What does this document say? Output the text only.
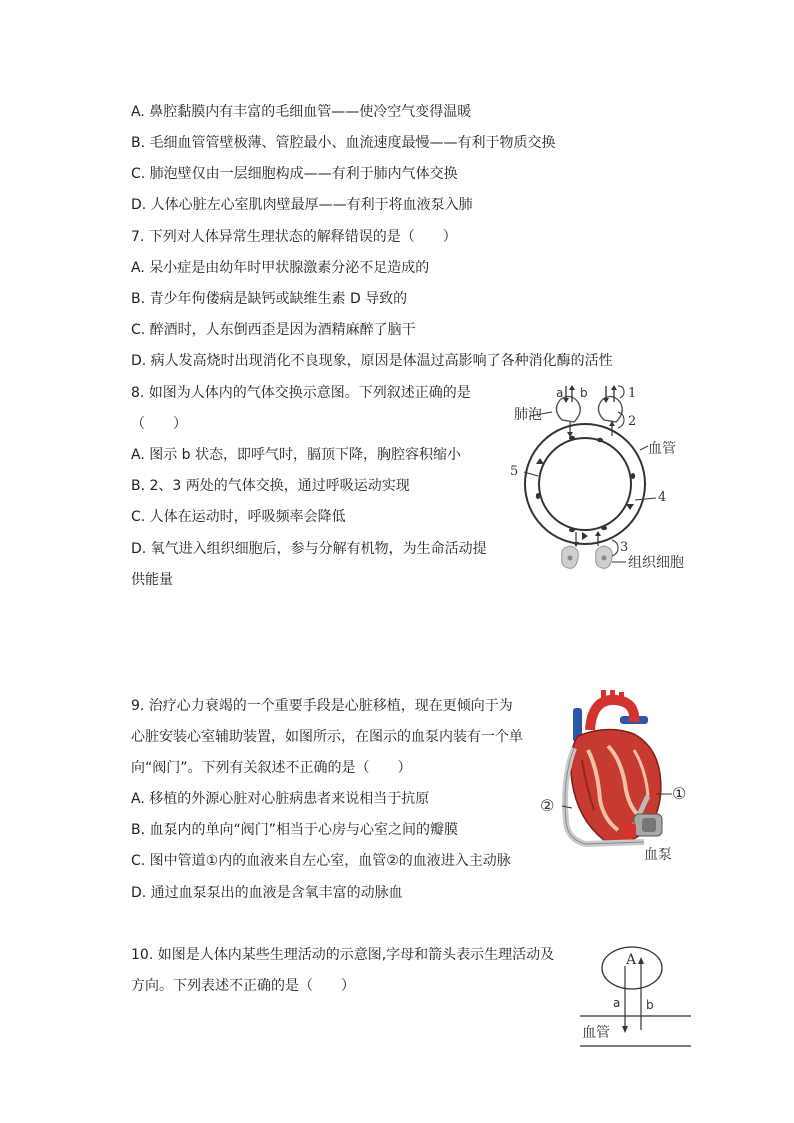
A. 鼻腔黏膜内有丰富的毛细血管——使冷空气变得温暖
B. 毛细血管管壁极薄、管腔最小、血流速度最慢——有利于物质交换
C. 肺泡壁仅由一层细胞构成——有利于肺内气体交换
D. 人体心脏左心室肌肉壁最厚——有利于将血液泵入肺
7. 下列对人体异常生理状态的解释错误的是（　　）
A. 呆小症是由幼年时甲状腺激素分泌不足造成的
B. 青少年佝偻病是缺钙或缺维生素 D 导致的
C. 醉酒时，人东倒西歪是因为酒精麻醉了脑干
D. 病人发高烧时出现消化不良现象，原因是体温过高影响了各种消化酶的活性
8. 如图为人体内的气体交换示意图。下列叙述正确的是
（　　）
A. 图示 b 状态，即呼气时，膈顶下降，胸腔容积缩小
B. 2、3 两处的气体交换，通过呼吸运动实现
C. 人体在运动时，呼吸频率会降低
D. 氧气进入组织细胞后，参与分解有机物，为生命活动提
供能量
a b
肺泡
血管
组织细胞
1
2
3
4
5
9. 治疗心力衰竭的一个重要手段是心脏移植，现在更倾向于为
心脏安装心室辅助装置，如图所示，在图示的血泵内装有一个单
向“阀门”。下列有关叙述不正确的是（　　）
A. 移植的外源心脏对心脏病患者来说相当于抗原
B. 血泵内的单向“阀门”相当于心房与心室之间的瓣膜
C. 图中管道①内的血液来自左心室，血管②的血液进入主动脉
D. 通过血泵泵出的血液是含氧丰富的动脉血
①
②
血泵
10. 如图是人体内某些生理活动的示意图,字母和箭头表示生理活动及
方向。下列表述不正确的是（　　）
A
a b
血管
